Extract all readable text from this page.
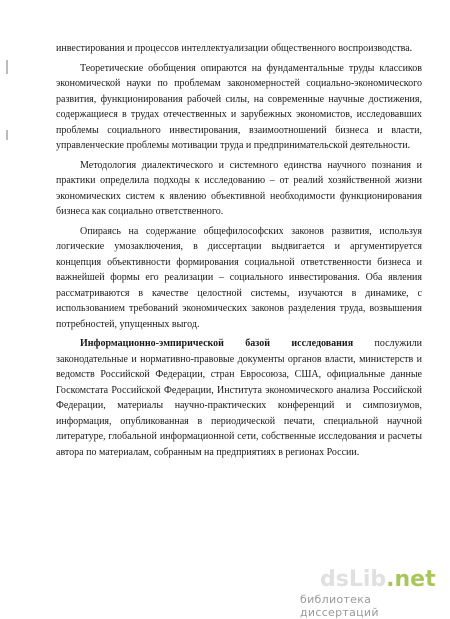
инвестирования и процессов интеллектуализации общественного воспроизводства.

Теоретические обобщения опираются на фундаментальные труды классиков экономической науки по проблемам закономерностей социально-экономического развития, функционирования рабочей силы, на современные научные достижения, содержащиеся в трудах отечественных и зарубежных экономистов, исследовавших проблемы социального инвестирования, взаимоотношений бизнеса и власти, управленческие проблемы мотивации труда и предпринимательской деятельности.

Методология диалектического и системного единства научного познания и практики определила подходы к исследованию – от реалий хозяйственной жизни экономических систем к явлению объективной необходимости функционирования бизнеса как социально ответственного.

Опираясь на содержание общефилософских законов развития, используя логические умозаключения, в диссертации выдвигается и аргументируется концепция объективности формирования социальной ответственности бизнеса и важнейшей формы его реализации – социального инвестирования. Оба явления рассматриваются в качестве целостной системы, изучаются в динамике, с использованием требований экономических законов разделения труда, возвышения потребностей, упущенных выгод.

Информационно-эмпирической базой исследования послужили законодательные и нормативно-правовые документы органов власти, министерств и ведомств Российской Федерации, стран Евросоюза, США, официальные данные Госкомстата Российской Федерации, Института экономического анализа Российской Федерации, материалы научно-практических конференций и симпозиумов, информация, опубликованная в периодической печати, специальной научной литературе, глобальной информационной сети, собственные исследования и расчеты автора по материалам, собранным на предприятиях в регионах России.

dsLib.net
библиотека диссертаций
